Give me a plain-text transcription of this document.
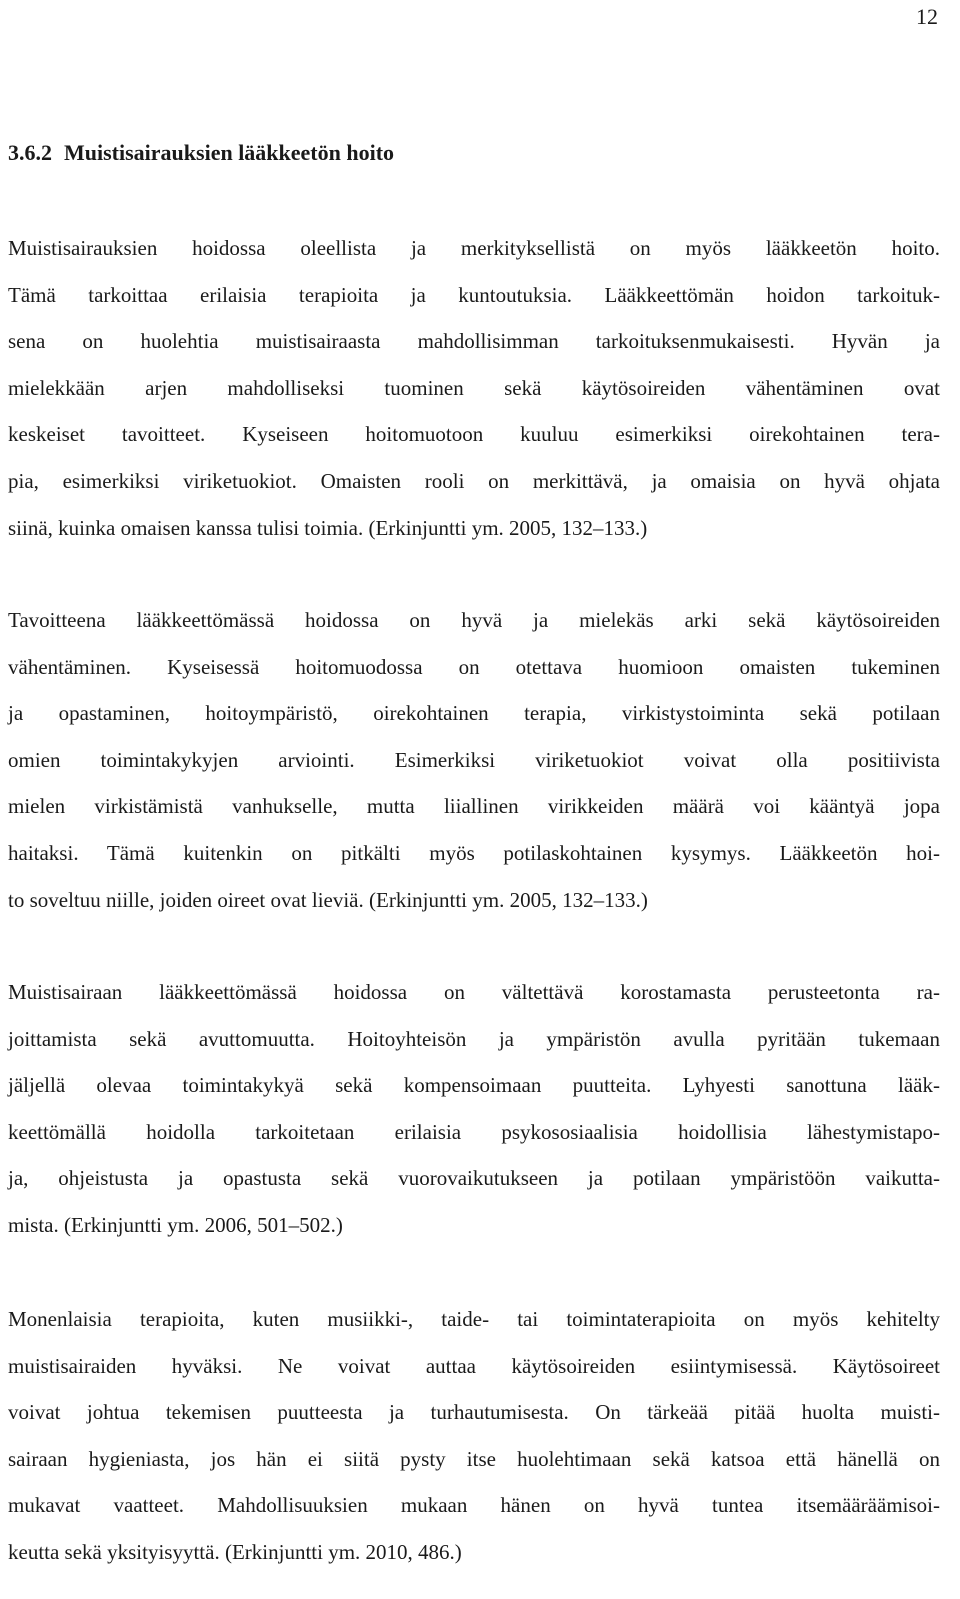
12
3.6.2 Muistisairauksien lääkkeetön hoito
Muistisairauksien hoidossa oleellista ja merkityksellistä on myös lääkkeetön hoito.
Tämä tarkoittaa erilaisia terapioita ja kuntoutuksia. Lääkkeettömän hoidon tarkoituk-
sena on huolehtia muistisairaasta mahdollisimman tarkoituksenmukaisesti. Hyvän ja
mielekkään arjen mahdolliseksi tuominen sekä käytösoireiden vähentäminen ovat
keskeiset tavoitteet. Kyseiseen hoitomuotoon kuuluu esimerkiksi oirekohtainen tera-
pia, esimerkiksi viriketuokiot. Omaisten rooli on merkittävä, ja omaisia on hyvä ohjata
siinä, kuinka omaisen kanssa tulisi toimia. (Erkinjuntti ym. 2005, 132–133.)
Tavoitteena lääkkeettömässä hoidossa on hyvä ja mielekäs arki sekä käytösoireiden
vähentäminen. Kyseisessä hoitomuodossa on otettava huomioon omaisten tukeminen
ja opastaminen, hoitoympäristö, oirekohtainen terapia, virkistystoiminta sekä potilaan
omien toimintakykyjen arviointi. Esimerkiksi viriketuokiot voivat olla positiivista
mielen virkistämistä vanhukselle, mutta liiallinen virikkeiden määrä voi kääntyä jopa
haitaksi. Tämä kuitenkin on pitkälti myös potilaskohtainen kysymys. Lääkkeetön hoi-
to soveltuu niille, joiden oireet ovat lieviä. (Erkinjuntti ym. 2005, 132–133.)
Muistisairaan lääkkeettömässä hoidossa on vältettävä korostamasta perusteetonta ra-
joittamista sekä avuttomuutta. Hoitoyhteisön ja ympäristön avulla pyritään tukemaan
jäljellä olevaa toimintakykyä sekä kompensoimaan puutteita. Lyhyesti sanottuna lääk-
keettömällä hoidolla tarkoitetaan erilaisia psykososiaalisia hoidollisia lähestymistapo-
ja, ohjeistusta ja opastusta sekä vuorovaikutukseen ja potilaan ympäristöön vaikutta-
mista. (Erkinjuntti ym. 2006, 501–502.)
Monenlaisia terapioita, kuten musiikki-, taide- tai toimintaterapioita on myös kehitelty
muistisairaiden hyväksi. Ne voivat auttaa käytösoireiden esiintymisessä. Käytösoireet
voivat johtua tekemisen puutteesta ja turhautumisesta. On tärkeää pitää huolta muisti-
sairaan hygieniasta, jos hän ei siitä pysty itse huolehtimaan sekä katsoa että hänellä on
mukavat vaatteet. Mahdollisuuksien mukaan hänen on hyvä tuntea itsemääräämisoi-
keutta sekä yksityisyyttä. (Erkinjuntti ym. 2010, 486.)
